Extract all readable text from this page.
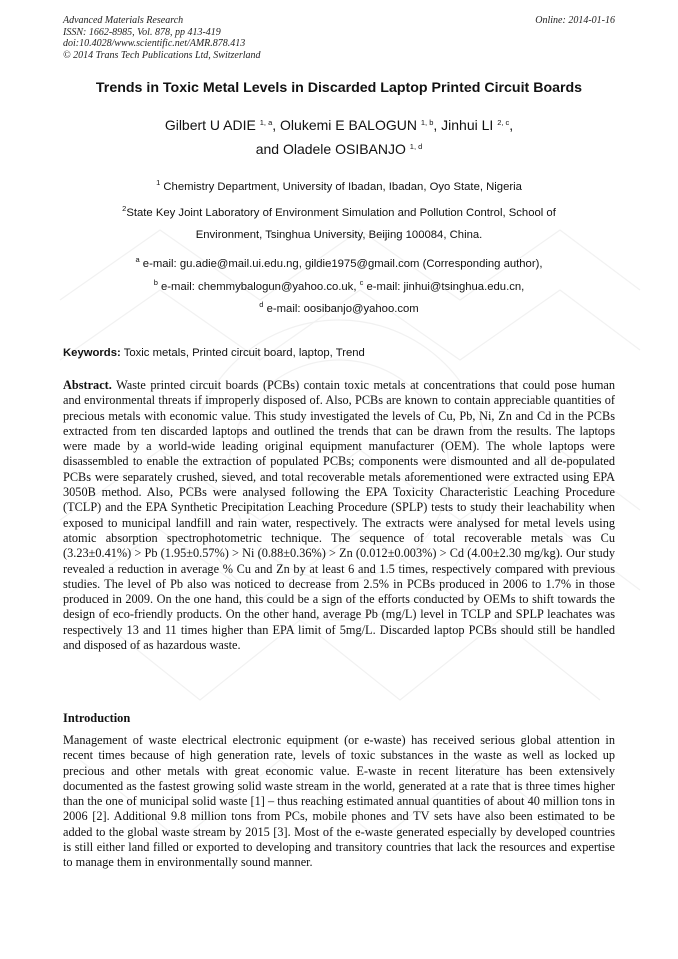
Advanced Materials Research
ISSN: 1662-8985, Vol. 878, pp 413-419
doi:10.4028/www.scientific.net/AMR.878.413
© 2014 Trans Tech Publications Ltd, Switzerland
Online: 2014-01-16
Trends in Toxic Metal Levels in Discarded Laptop Printed Circuit Boards
Gilbert U ADIE $^{1, a}$, Olukemi E BALOGUN $^{1, b}$, Jinhui LI $^{2, c}$,
and Oladele OSIBANJO $^{1, d}$
$^1$ Chemistry Department, University of Ibadan, Ibadan, Oyo State, Nigeria
$^2$State Key Joint Laboratory of Environment Simulation and Pollution Control, School of Environment, Tsinghua University, Beijing 100084, China.
$^a$ e-mail: gu.adie@mail.ui.edu.ng, gildie1975@gmail.com (Corresponding author),
$^b$ e-mail: chemmybalogun@yahoo.co.uk, $^c$ e-mail: jinhui@tsinghua.edu.cn,
$^d$ e-mail: oosibanjo@yahoo.com
Keywords: Toxic metals, Printed circuit board, laptop, Trend

Abstract. Waste printed circuit boards (PCBs) contain toxic metals at concentrations that could pose human and environmental threats if improperly disposed of. Also, PCBs are known to contain appreciable quantities of precious metals with economic value. This study investigated the levels of Cu, Pb, Ni, Zn and Cd in the PCBs extracted from ten discarded laptops and outlined the trends that can be drawn from the results. The laptops were made by a world-wide leading original equipment manufacturer (OEM). The whole laptops were disassembled to enable the extraction of populated PCBs; components were dismounted and all de-populated PCBs were separately crushed, sieved, and total recoverable metals aforementioned were extracted using EPA 3050B method. Also, PCBs were analysed following the EPA Toxicity Characteristic Leaching Procedure (TCLP) and the EPA Synthetic Precipitation Leaching Procedure (SPLP) tests to study their leachability when exposed to municipal landfill and rain water, respectively. The extracts were analysed for metal levels using atomic absorption spectrophotometric technique. The sequence of total recoverable metals was Cu (3.23±0.41%) > Pb (1.95±0.57%) > Ni (0.88±0.36%) > Zn (0.012±0.003%) > Cd (4.00±2.30 mg/kg). Our study revealed a reduction in average % Cu and Zn by at least 6 and 1.5 times, respectively compared with previous studies. The level of Pb also was noticed to decrease from 2.5% in PCBs produced in 2006 to 1.7% in those produced in 2009. On the one hand, this could be a sign of the efforts conducted by OEMs to shift towards the design of eco-friendly products. On the other hand, average Pb (mg/L) level in TCLP and SPLP leachates was respectively 13 and 11 times higher than EPA limit of 5mg/L. Discarded laptop PCBs should still be handled and disposed of as hazardous waste.

Introduction

Management of waste electrical electronic equipment (or e-waste) has received serious global attention in recent times because of high generation rate, levels of toxic substances in the waste as well as locked up precious and other metals with great economic value. E-waste in recent literature has been extensively documented as the fastest growing solid waste stream in the world, generated at a rate that is three times higher than the one of municipal solid waste [1] – thus reaching estimated annual quantities of about 40 million tons in 2006 [2]. Additional 9.8 million tons from PCs, mobile phones and TV sets have also been estimated to be added to the global waste stream by 2015 [3]. Most of the e-waste generated especially by developed countries is still either land filled or exported to developing and transitory countries that lack the resources and expertise to manage them in environmentally sound manner.
